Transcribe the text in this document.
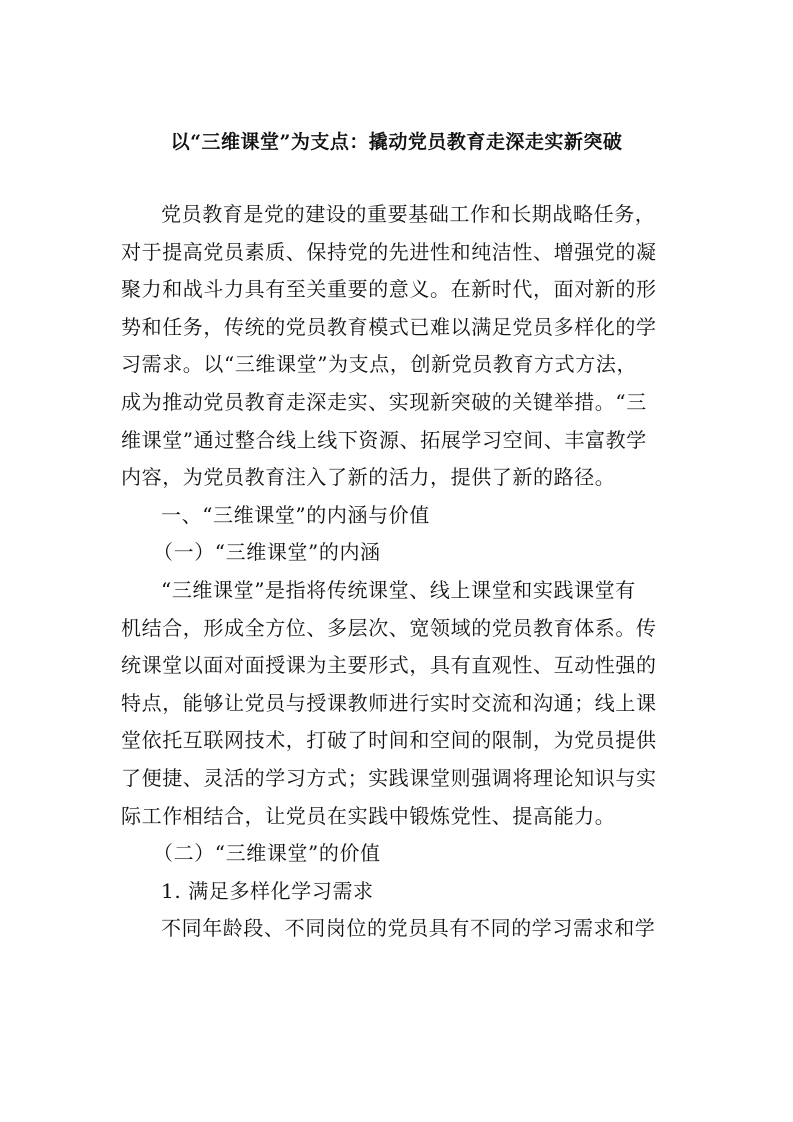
以“三维课堂”为支点：撬动党员教育走深走实新突破
党员教育是党的建设的重要基础工作和长期战略任务，
对于提高党员素质、保持党的先进性和纯洁性、增强党的凝
聚力和战斗力具有至关重要的意义。在新时代，面对新的形
势和任务，传统的党员教育模式已难以满足党员多样化的学
习需求。以“三维课堂”为支点，创新党员教育方式方法，
成为推动党员教育走深走实、实现新突破的关键举措。“三
维课堂”通过整合线上线下资源、拓展学习空间、丰富教学
内容，为党员教育注入了新的活力，提供了新的路径。
一、“三维课堂”的内涵与价值
（一）“三维课堂”的内涵
“三维课堂”是指将传统课堂、线上课堂和实践课堂有
机结合，形成全方位、多层次、宽领域的党员教育体系。传
统课堂以面对面授课为主要形式，具有直观性、互动性强的
特点，能够让党员与授课教师进行实时交流和沟通；线上课
堂依托互联网技术，打破了时间和空间的限制，为党员提供
了便捷、灵活的学习方式；实践课堂则强调将理论知识与实
际工作相结合，让党员在实践中锻炼党性、提高能力。
（二）“三维课堂”的价值
1. 满足多样化学习需求
不同年龄段、不同岗位的党员具有不同的学习需求和学
